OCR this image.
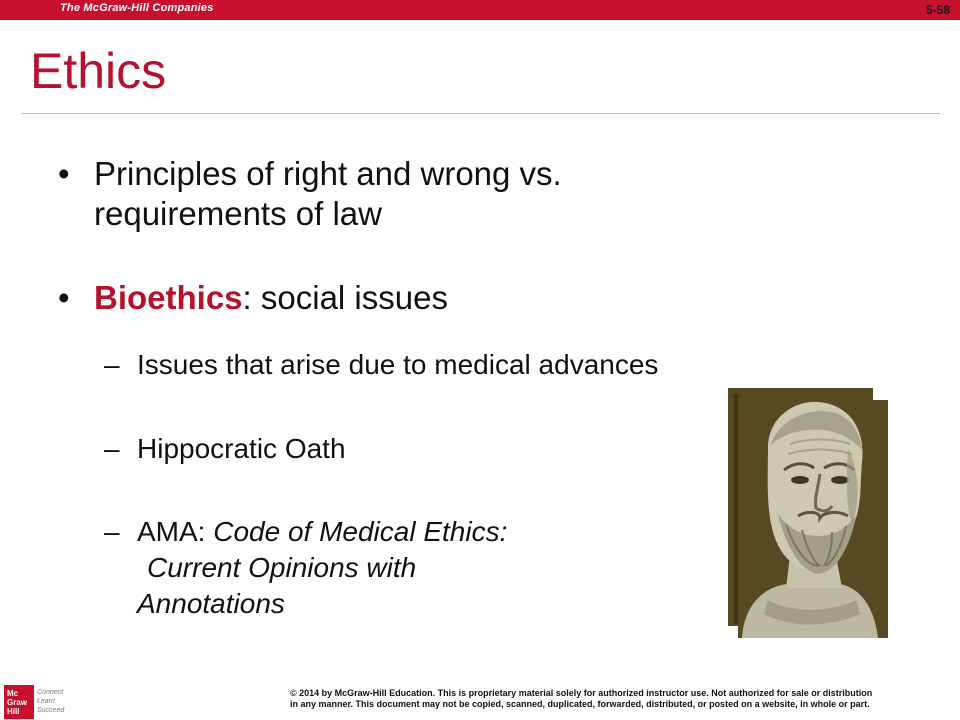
The McGraw-Hill Companies	5-58
Ethics
• Principles of right and wrong vs. requirements of law
• Bioethics: social issues
– Issues that arise due to medical advances
– Hippocratic Oath
– AMA: Code of Medical Ethics:
Current Opinions with
Annotations
Mc
Graw
Hill
Connect
Learn
Succeed
© 2014 by McGraw-Hill Education. This is proprietary material solely for authorized instructor use. Not authorized for sale or distribution
in any manner. This document may not be copied, scanned, duplicated, forwarded, distributed, or posted on a website, in whole or part.
